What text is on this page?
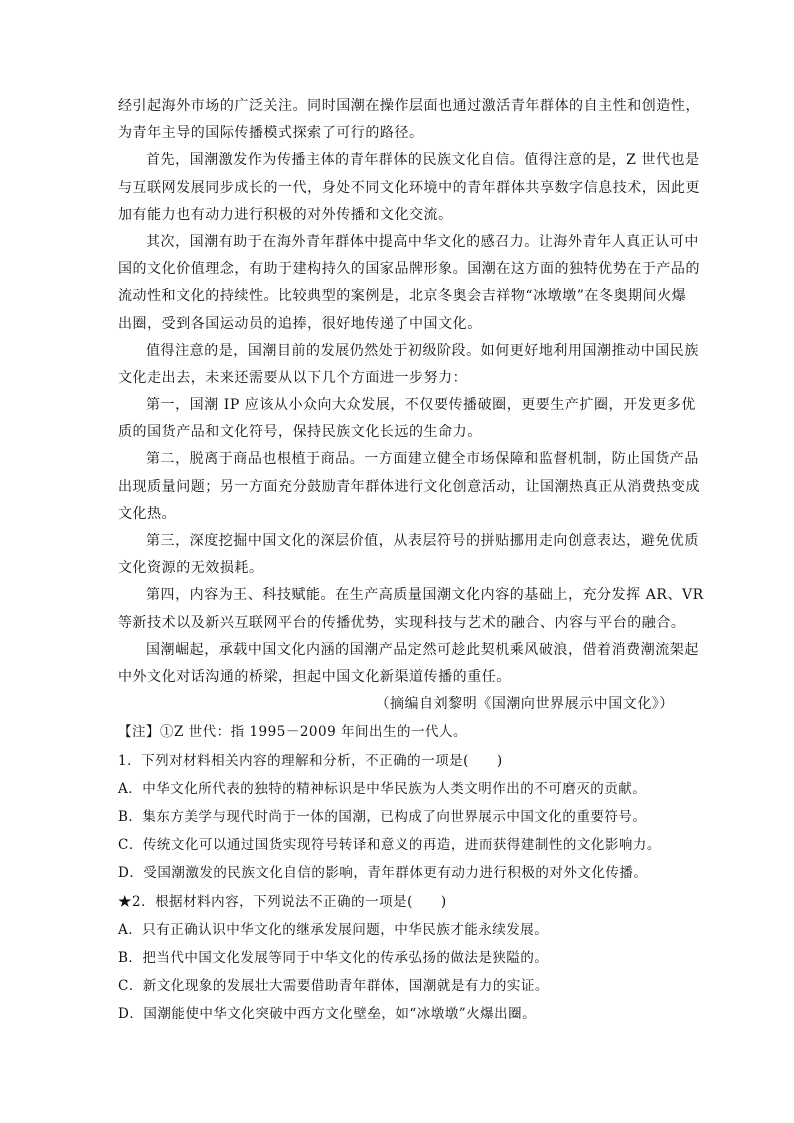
经引起海外市场的广泛关注。同时国潮在操作层面也通过激活青年群体的自主性和创造性，
为青年主导的国际传播模式探索了可行的路径。
首先，国潮激发作为传播主体的青年群体的民族文化自信。值得注意的是，Z 世代也是
与互联网发展同步成长的一代，身处不同文化环境中的青年群体共享数字信息技术，因此更
加有能力也有动力进行积极的对外传播和文化交流。
其次，国潮有助于在海外青年群体中提高中华文化的感召力。让海外青年人真正认可中
国的文化价值理念，有助于建构持久的国家品牌形象。国潮在这方面的独特优势在于产品的
流动性和文化的持续性。比较典型的案例是，北京冬奥会吉祥物“冰墩墩”在冬奥期间火爆
出圈，受到各国运动员的追捧，很好地传递了中国文化。
值得注意的是，国潮目前的发展仍然处于初级阶段。如何更好地利用国潮推动中国民族
文化走出去，未来还需要从以下几个方面进一步努力：
第一，国潮 IP 应该从小众向大众发展，不仅要传播破圈，更要生产扩圈，开发更多优
质的国货产品和文化符号，保持民族文化长远的生命力。
第二，脱离于商品也根植于商品。一方面建立健全市场保障和监督机制，防止国货产品
出现质量问题；另一方面充分鼓励青年群体进行文化创意活动，让国潮热真正从消费热变成
文化热。
第三，深度挖掘中国文化的深层价值，从表层符号的拼贴挪用走向创意表达，避免优质
文化资源的无效损耗。
第四，内容为王、科技赋能。在生产高质量国潮文化内容的基础上，充分发挥 AR、VR
等新技术以及新兴互联网平台的传播优势，实现科技与艺术的融合、内容与平台的融合。
国潮崛起，承载中国文化内涵的国潮产品定然可趁此契机乘风破浪，借着消费潮流架起
中外文化对话沟通的桥梁，担起中国文化新渠道传播的重任。
（摘编自刘黎明《国潮向世界展示中国文化》）
【注】①Z 世代：指 1995－2009 年间出生的一代人。
1．下列对材料相关内容的理解和分析，不正确的一项是(　　)
A．中华文化所代表的独特的精神标识是中华民族为人类文明作出的不可磨灭的贡献。
B．集东方美学与现代时尚于一体的国潮，已构成了向世界展示中国文化的重要符号。
C．传统文化可以通过国货实现符号转译和意义的再造，进而获得建制性的文化影响力。
D．受国潮激发的民族文化自信的影响，青年群体更有动力进行积极的对外文化传播。
★2．根据材料内容，下列说法不正确的一项是(　　)
A．只有正确认识中华文化的继承发展问题，中华民族才能永续发展。
B．把当代中国文化发展等同于中华文化的传承弘扬的做法是狭隘的。
C．新文化现象的发展壮大需要借助青年群体，国潮就是有力的实证。
D．国潮能使中华文化突破中西方文化壁垒，如“冰墩墩”火爆出圈。
